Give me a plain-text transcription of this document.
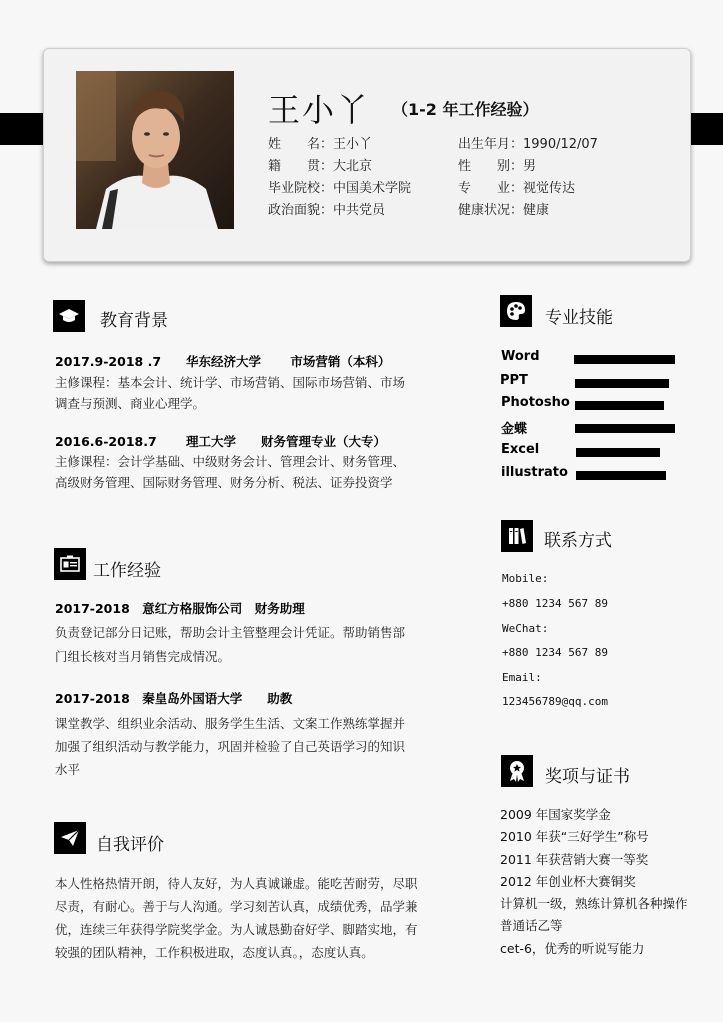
王小丫 （1-2 年工作经验）
姓　　名：王小丫	出生年月：1990/12/07
籍　　贯：大北京	性　　别：男
毕业院校：中国美术学院	专　　业：视觉传达
政治面貌：中共党员	健康状况：健康
教育背景
2017.9-2018 .7　　华东经济大学　　 市场营销（本科）
主修课程：基本会计、统计学、市场营销、国际市场营销、市场
调查与预测、商业心理学。
2016.6-2018.7　　 理工大学　　财务管理专业（大专）
主修课程：会计学基础、中级财务会计、管理会计、财务管理、
高级财务管理、国际财务管理、财务分析、税法、证券投资学
工作经验
2017-2018　意红方格服饰公司　财务助理
负责登记部分日记账，帮助会计主管整理会计凭证。帮助销售部
门组长核对当月销售完成情况。
2017-2018　秦皇岛外国语大学　　助教
课堂教学、组织业余活动、服务学生生活、文案工作熟练掌握并
加强了组织活动与教学能力，巩固并检验了自己英语学习的知识
水平
自我评价
本人性格热情开朗，待人友好，为人真诚谦虚。能吃苦耐劳，尽职
尽责，有耐心。善于与人沟通。学习刻苦认真，成绩优秀，品学兼
优，连续三年获得学院奖学金。为人诚恳勤奋好学、脚踏实地，有
较强的团队精神，工作积极进取，态度认真。，态度认真。
专业技能
Word
PPT
Photosho
金蝶
Excel
illustrato
联系方式
Mobile:
+880 1234 567 89
WeChat:
+880 1234 567 89
Email:
123456789@qq.com
奖项与证书
2009 年国家奖学金
2010 年获“三好学生”称号
2011 年获营销大赛一等奖
2012 年创业杯大赛铜奖
计算机一级，熟练计算机各种操作
普通话乙等
cet-6，优秀的听说写能力
